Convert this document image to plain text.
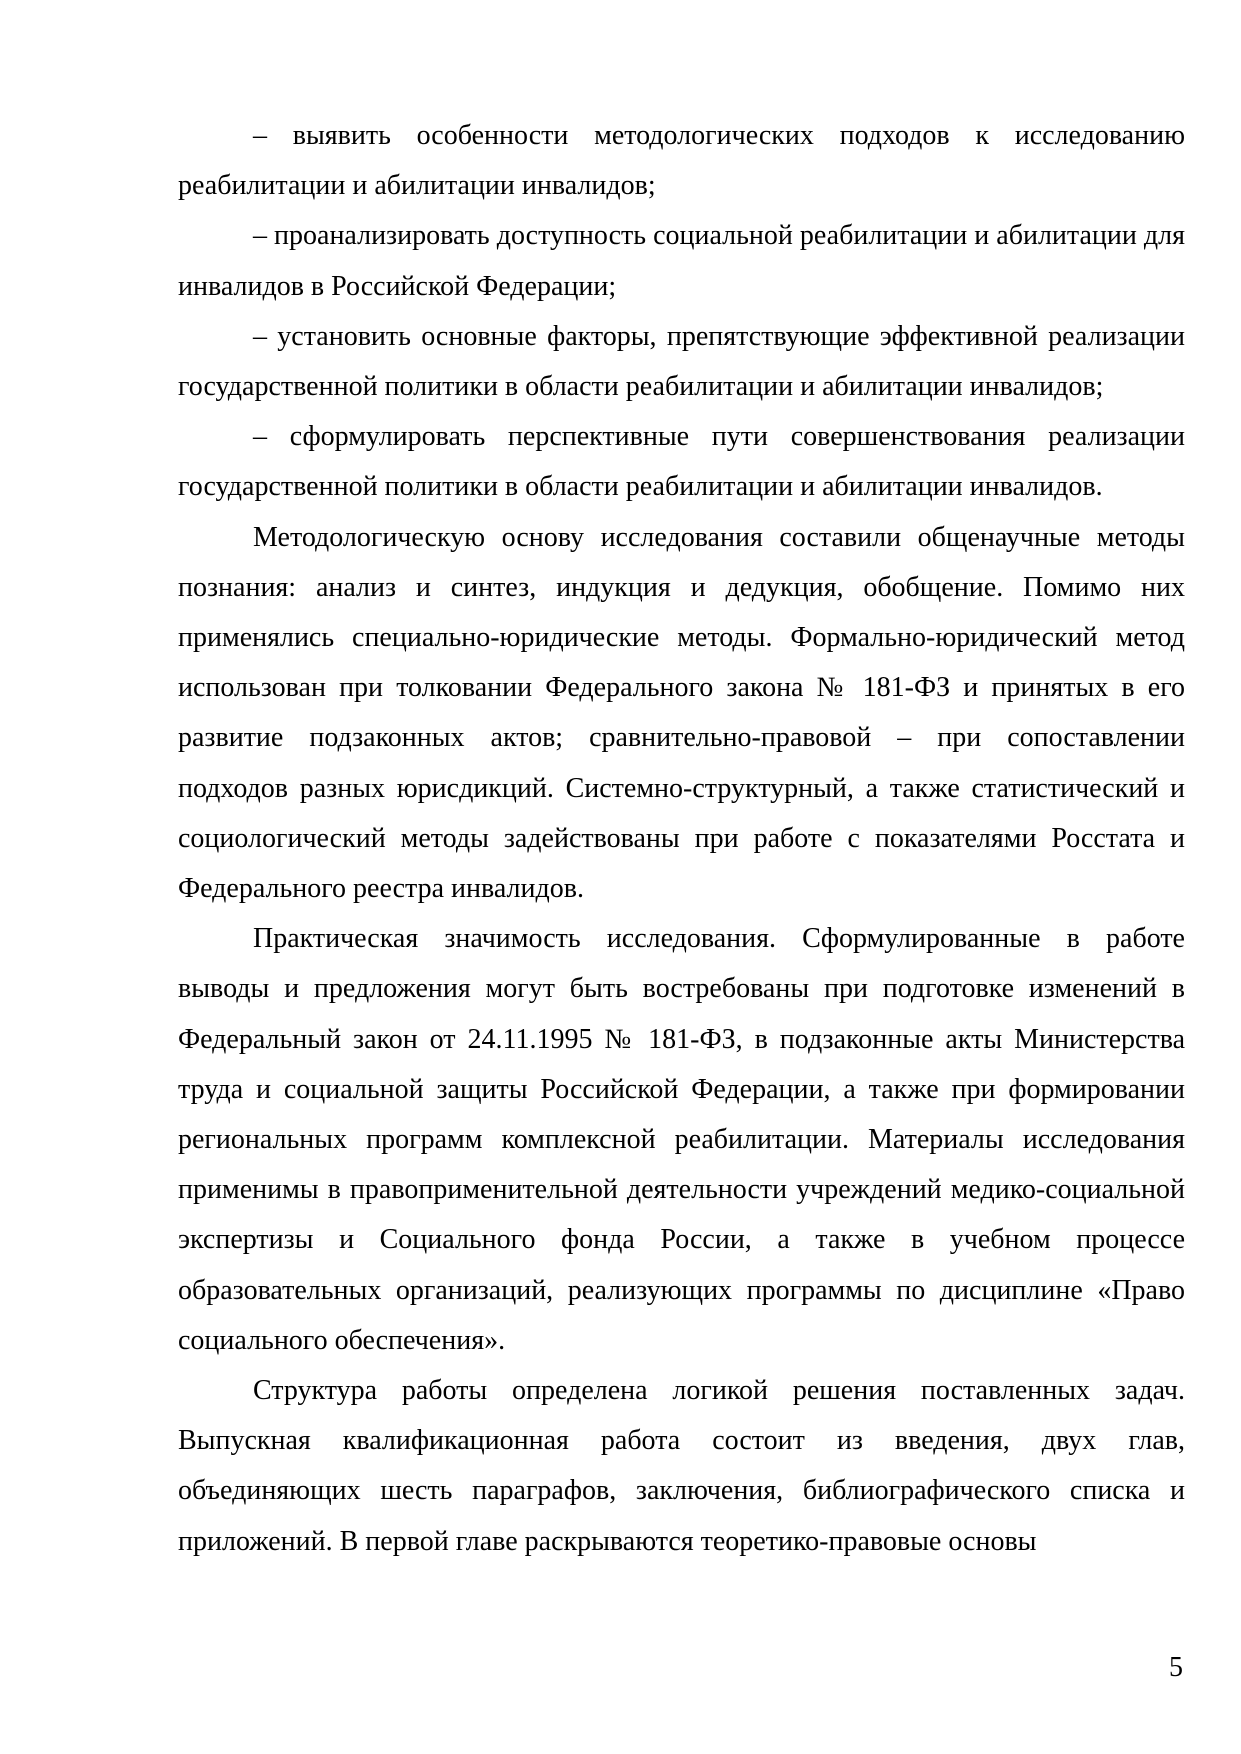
– выявить особенности методологических подходов к исследованию реабилитации и абилитации инвалидов;

– проанализировать доступность социальной реабилитации и абилитации для инвалидов в Российской Федерации;

– установить основные факторы, препятствующие эффективной реализации государственной политики в области реабилитации и абилитации инвалидов;

– сформулировать перспективные пути совершенствования реализации государственной политики в области реабилитации и абилитации инвалидов.

Методологическую основу исследования составили общенаучные методы познания: анализ и синтез, индукция и дедукция, обобщение. Помимо них применялись специально-юридические методы. Формально-юридический метод использован при толковании Федерального закона № 181-ФЗ и принятых в его развитие подзаконных актов; сравнительно-правовой – при сопоставлении подходов разных юрисдикций. Системно-структурный, а также статистический и социологический методы задействованы при работе с показателями Росстата и Федерального реестра инвалидов.

Практическая значимость исследования. Сформулированные в работе выводы и предложения могут быть востребованы при подготовке изменений в Федеральный закон от 24.11.1995 № 181-ФЗ, в подзаконные акты Министерства труда и социальной защиты Российской Федерации, а также при формировании региональных программ комплексной реабилитации. Материалы исследования применимы в правоприменительной деятельности учреждений медико-социальной экспертизы и Социального фонда России, а также в учебном процессе образовательных организаций, реализующих программы по дисциплине «Право социального обеспечения».

Структура работы определена логикой решения поставленных задач. Выпускная квалификационная работа состоит из введения, двух глав, объединяющих шесть параграфов, заключения, библиографического списка и приложений. В первой главе раскрываются теоретико-правовые основы

5
